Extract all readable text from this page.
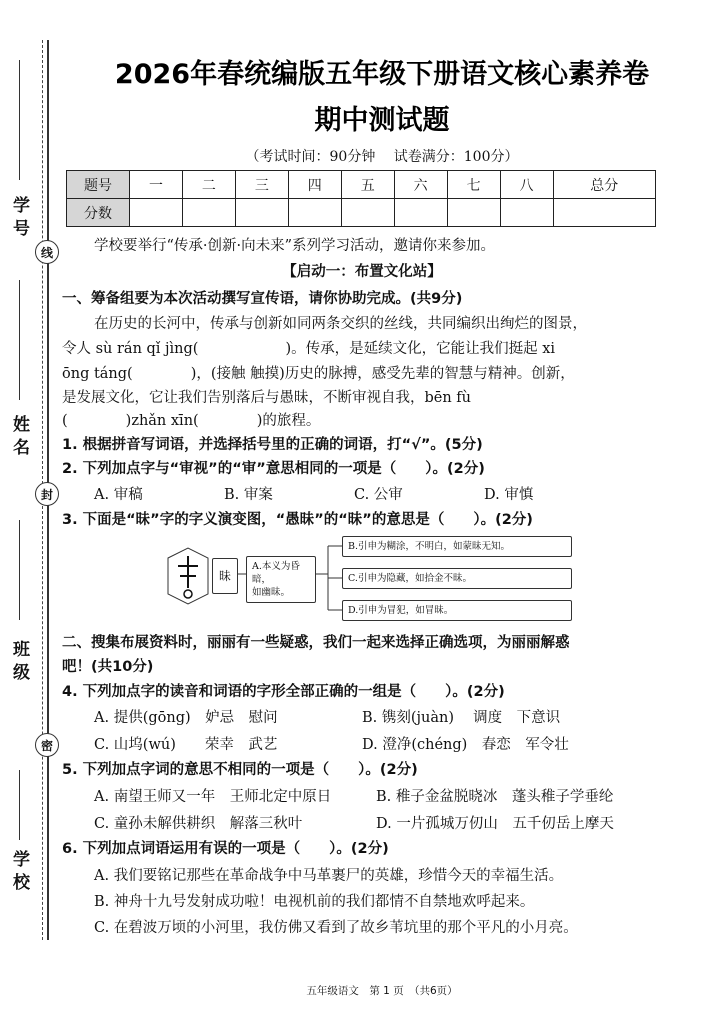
学号
线
姓名
封
班级
密
学校
2026年春统编版五年级下册语文核心素养卷
期中测试题
（考试时间：90分钟　 试卷满分：100分）
题号	一	二	三	四	五	六	七	八	总分
分数									
学校要举行“传承·创新·向未来”系列学习活动，邀请你来参加。
【启动一：布置文化站】
一、筹备组要为本次活动撰写宣传语，请你协助完成。(共9分)
在历史的长河中，传承与创新如同两条交织的丝线，共同编织出绚烂的图景，
令人 sù rán qǐ jìng(　　　　　　)。传承，是延续文化，它能让我们挺起 xi
ōng táng(　　　　)，(接触 触摸)历史的脉搏，感受先辈的智慧与精神。创新，
是发展文化，它让我们告别落后与愚昧，不断审视自我，bēn fù
(　　　　)zhǎn xīn(　　　　)的旅程。
1. 根据拼音写词语，并选择括号里的正确的词语，打“√”。(5分)
2. 下列加点字与“审视”的“审”意思相同的一项是（　　）。(2分)
A. 审稿	B. 审案	C. 公审	D. 审慎
3. 下面是“昧”字的字义演变图，“愚昧”的“昧”的意思是（　　）。(2分)
昧
A.本义为昏暗，
如幽昧。
B.引申为糊涂，不明白，如蒙昧无知。
C.引申为隐藏，如拾金不昧。
D.引申为冒犯，如冒昧。
二、搜集布展资料时，丽丽有一些疑惑，我们一起来选择正确选项，为丽丽解惑
吧！(共10分)
4. 下列加点字的读音和词语的字形全部正确的一组是（　　）。(2分)
A. 提供(gōng)　妒忌　慰问	B. 镌刻(juàn)　 调度　下意识
C. 山坞(wú)　　荣幸　武艺	D. 澄净(chéng)　春恋　军令壮
5. 下列加点字词的意思不相同的一项是（　　）。(2分)
A. 南望王师又一年　王师北定中原日	B. 稚子金盆脱晓冰　蓬头稚子学垂纶
C. 童孙未解供耕织　解落三秋叶	D. 一片孤城万仞山　五千仞岳上摩天
6. 下列加点词语运用有误的一项是（　　）。(2分)
A. 我们要铭记那些在革命战争中马革裹尸的英雄，珍惜今天的幸福生活。
B. 神舟十九号发射成功啦！电视机前的我们都情不自禁地欢呼起来。
C. 在碧波万顷的小河里，我仿佛又看到了故乡苇坑里的那个平凡的小月亮。
五年级语文　第 1 页　（共6页）
